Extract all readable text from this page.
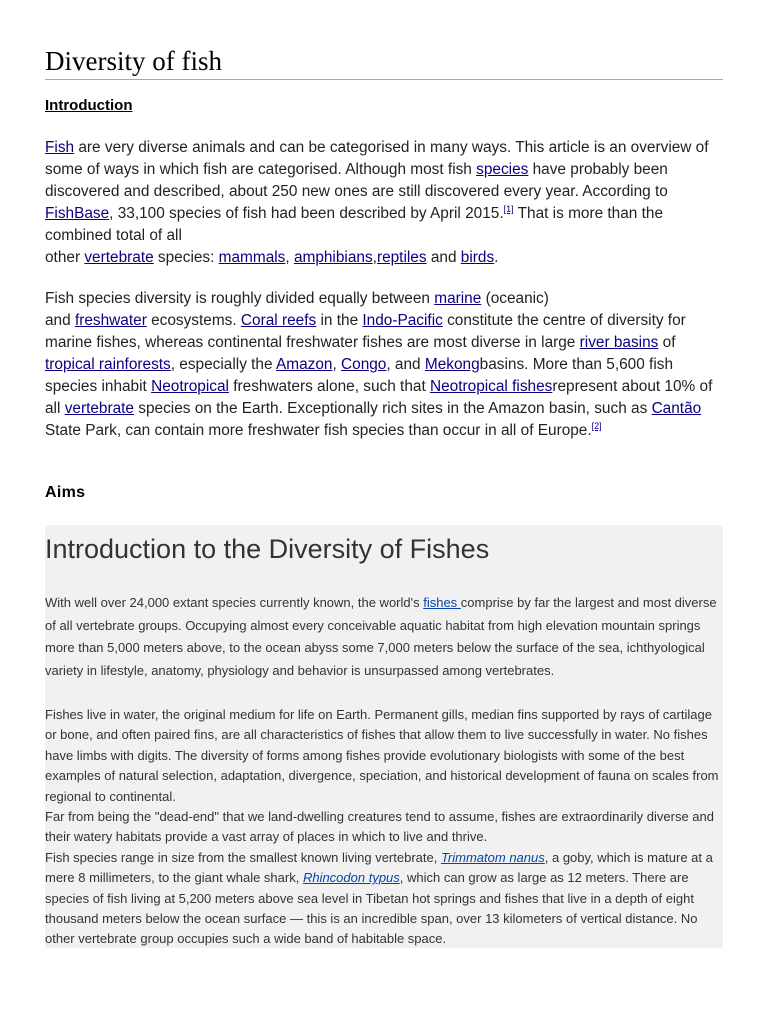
Diversity of fish
Introduction

Fish are very diverse animals and can be categorised in many ways. This article is an overview of some of ways in which fish are categorised. Although most fish species have probably been discovered and described, about 250 new ones are still discovered every year. According to FishBase, 33,100 species of fish had been described by April 2015.[1] That is more than the combined total of all
other vertebrate species: mammals, amphibians,reptiles and birds.

Fish species diversity is roughly divided equally between marine (oceanic)
and freshwater ecosystems. Coral reefs in the Indo-Pacific constitute the centre of diversity for marine fishes, whereas continental freshwater fishes are most diverse in large river basins of tropical rainforests, especially the Amazon, Congo, and Mekongbasins. More than 5,600 fish species inhabit Neotropical freshwaters alone, such that Neotropical fishesrepresent about 10% of all vertebrate species on the Earth. Exceptionally rich sites in the Amazon basin, such as Cantão State Park, can contain more freshwater fish species than occur in all of Europe.[2]

Aims
Introduction to the Diversity of Fishes

With well over 24,000 extant species currently known, the world's fishes comprise by far the largest and most diverse of all vertebrate groups. Occupying almost every conceivable aquatic habitat from high elevation mountain springs more than 5,000 meters above, to the ocean abyss some 7,000 meters below the surface of the sea, ichthyological variety in lifestyle, anatomy, physiology and behavior is unsurpassed among vertebrates.

Fishes live in water, the original medium for life on Earth. Permanent gills, median fins supported by rays of cartilage or bone, and often paired fins, are all characteristics of fishes that allow them to live successfully in water. No fishes have limbs with digits. The diversity of forms among fishes provide evolutionary biologists with some of the best examples of natural selection, adaptation, divergence, speciation, and historical development of fauna on scales from regional to continental.
Far from being the "dead-end" that we land-dwelling creatures tend to assume, fishes are extraordinarily diverse and their watery habitats provide a vast array of places in which to live and thrive.
Fish species range in size from the smallest known living vertebrate, Trimmatom nanus, a goby, which is mature at a mere 8 millimeters, to the giant whale shark, Rhincodon typus, which can grow as large as 12 meters. There are species of fish living at 5,200 meters above sea level in Tibetan hot springs and fishes that live in a depth of eight thousand meters below the ocean surface — this is an incredible span, over 13 kilometers of vertical distance. No other vertebrate group occupies such a wide band of habitable space.
